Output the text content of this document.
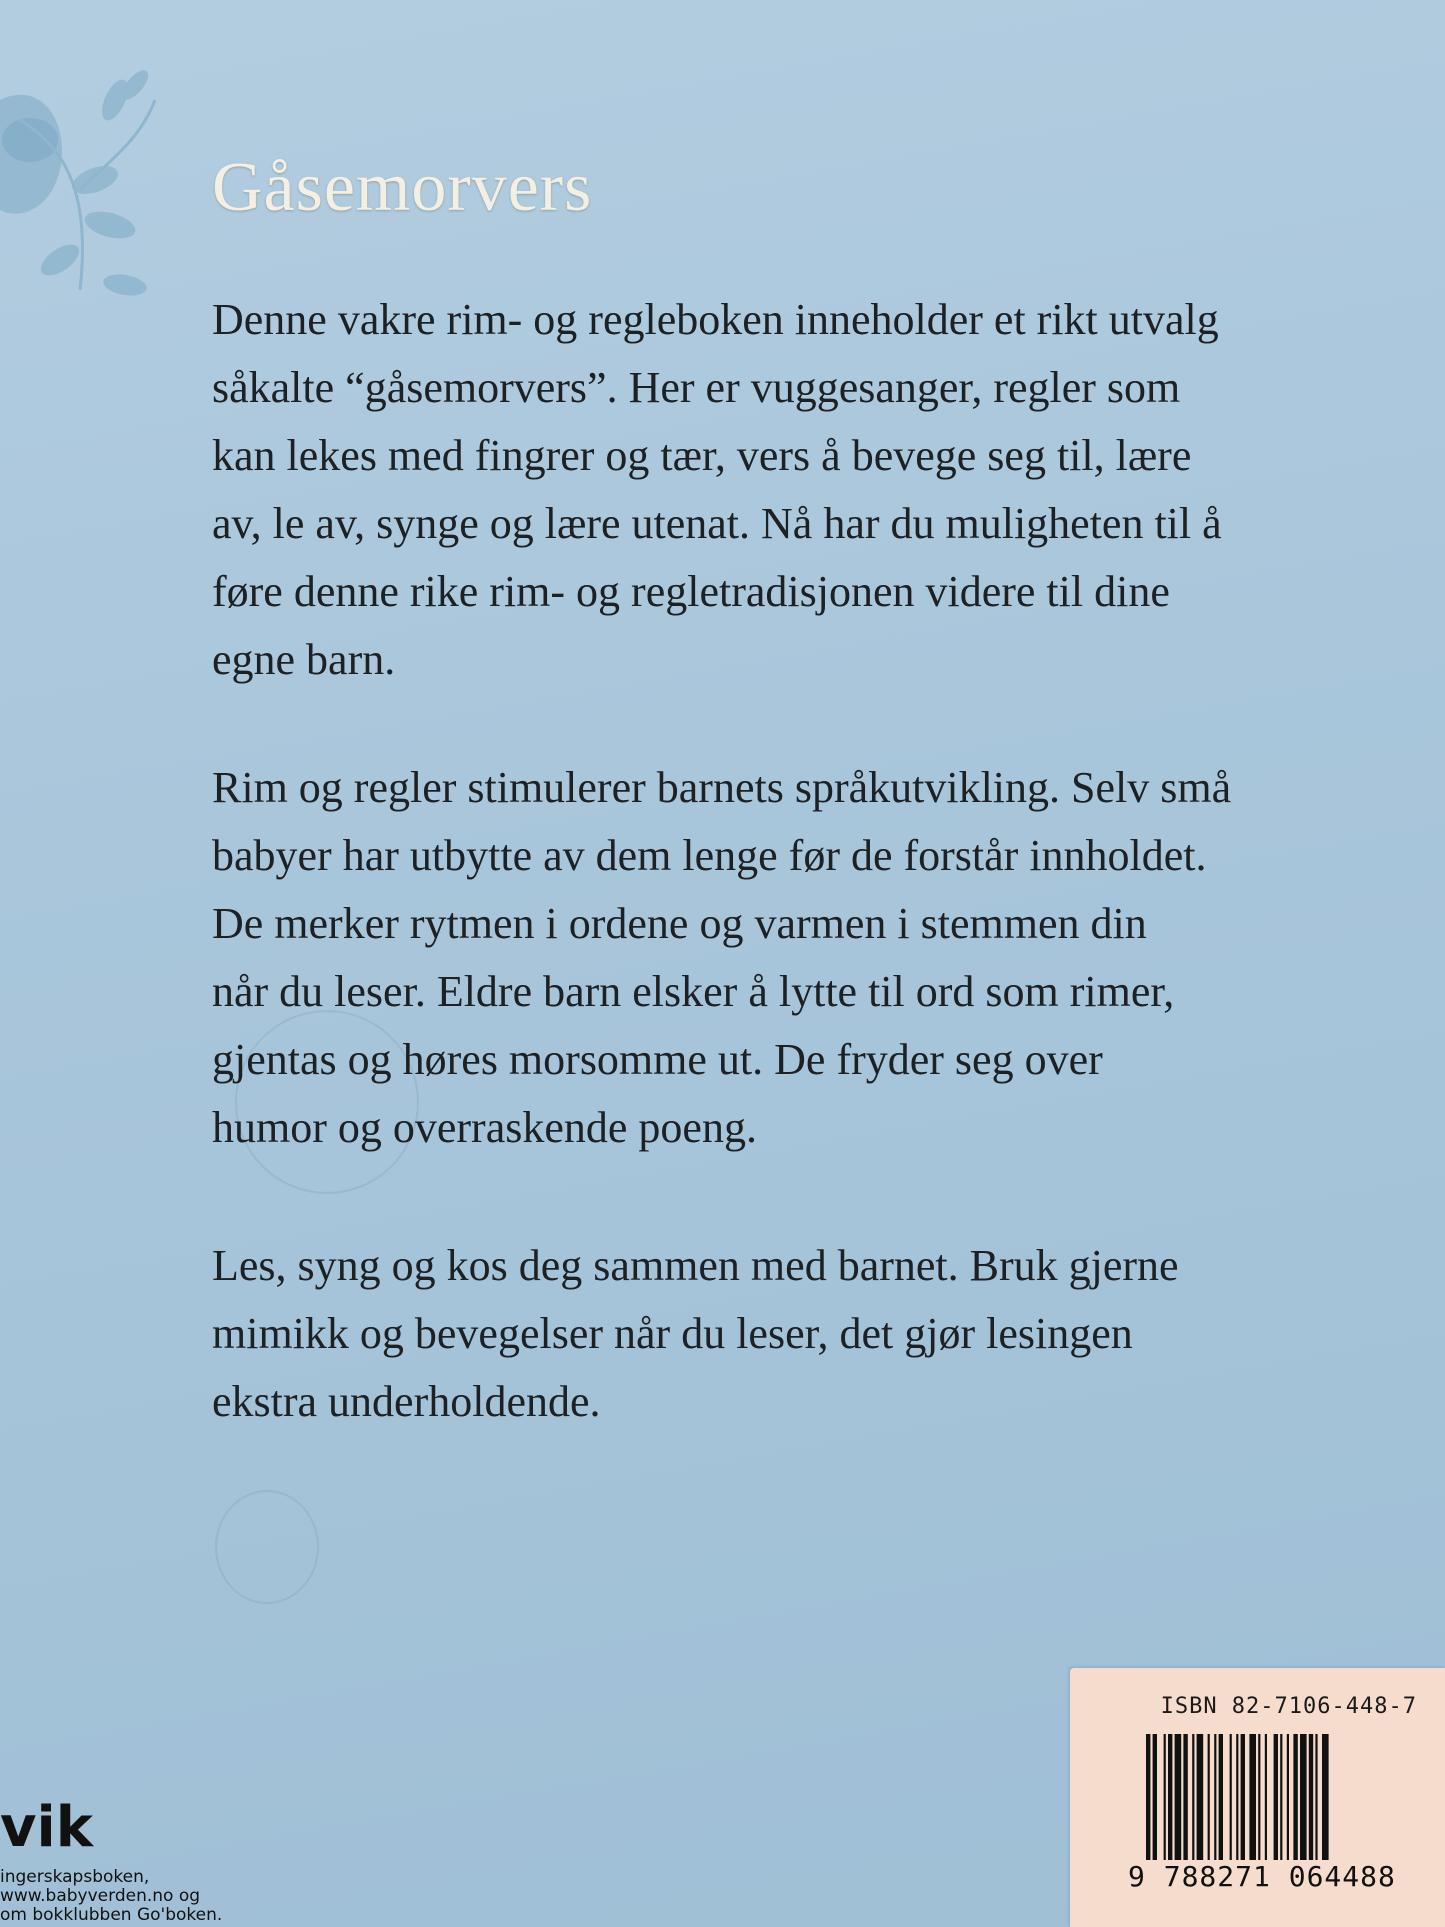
Gåsemorvers

Denne vakre rim- og regleboken inneholder et rikt utvalg
såkalte “gåsemorvers”. Her er vuggesanger, regler som
kan lekes med fingrer og tær, vers å bevege seg til, lære
av, le av, synge og lære utenat. Nå har du muligheten til å
føre denne rike rim- og regletradisjonen videre til dine
egne barn.

Rim og regler stimulerer barnets språkutvikling. Selv små
babyer har utbytte av dem lenge før de forstår innholdet.
De merker rytmen i ordene og varmen i stemmen din
når du leser. Eldre barn elsker å lytte til ord som rimer,
gjentas og høres morsomme ut. De fryder seg over
humor og overraskende poeng.

Les, syng og kos deg sammen med barnet. Bruk gjerne
mimikk og bevegelser når du leser, det gjør lesingen
ekstra underholdende.

vik
ingerskapsboken,
www.babyverden.no og
om bokklubben Go'boken.
ISBN 82-7106-448-7
9 788271 064488
